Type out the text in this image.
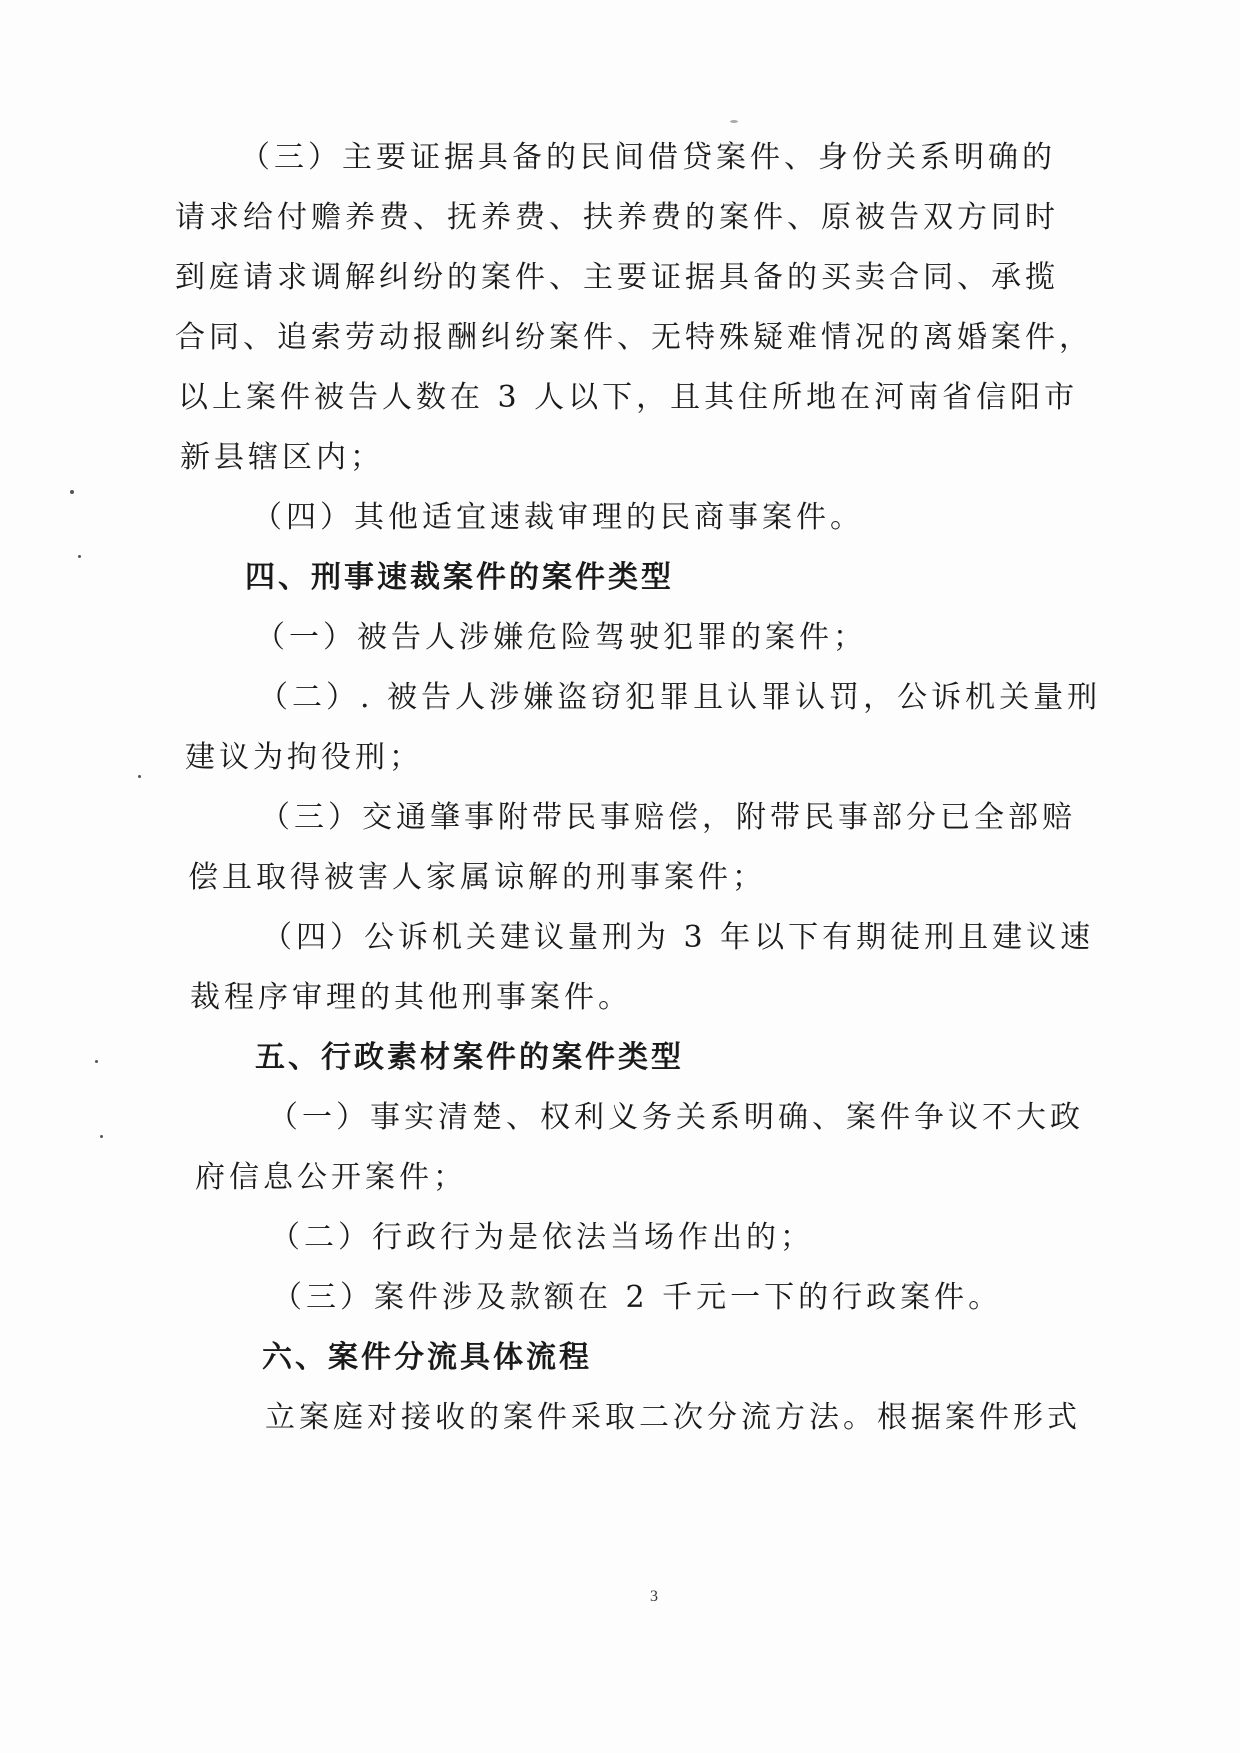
（三）主要证据具备的民间借贷案件、身份关系明确的
请求给付赡养费、抚养费、扶养费的案件、原被告双方同时
到庭请求调解纠纷的案件、主要证据具备的买卖合同、承揽
合同、追索劳动报酬纠纷案件、无特殊疑难情况的离婚案件，
以上案件被告人数在 3 人以下，且其住所地在河南省信阳市
新县辖区内；
（四）其他适宜速裁审理的民商事案件。
四、刑事速裁案件的案件类型
（一）被告人涉嫌危险驾驶犯罪的案件；
（二）. 被告人涉嫌盗窃犯罪且认罪认罚，公诉机关量刑
建议为拘役刑；
（三）交通肇事附带民事赔偿，附带民事部分已全部赔
偿且取得被害人家属谅解的刑事案件；
（四）公诉机关建议量刑为 3 年以下有期徒刑且建议速
裁程序审理的其他刑事案件。
五、行政素材案件的案件类型
（一）事实清楚、权利义务关系明确、案件争议不大政
府信息公开案件；
（二）行政行为是依法当场作出的；
（三）案件涉及款额在 2 千元一下的行政案件。
六、案件分流具体流程
立案庭对接收的案件采取二次分流方法。根据案件形式
3
